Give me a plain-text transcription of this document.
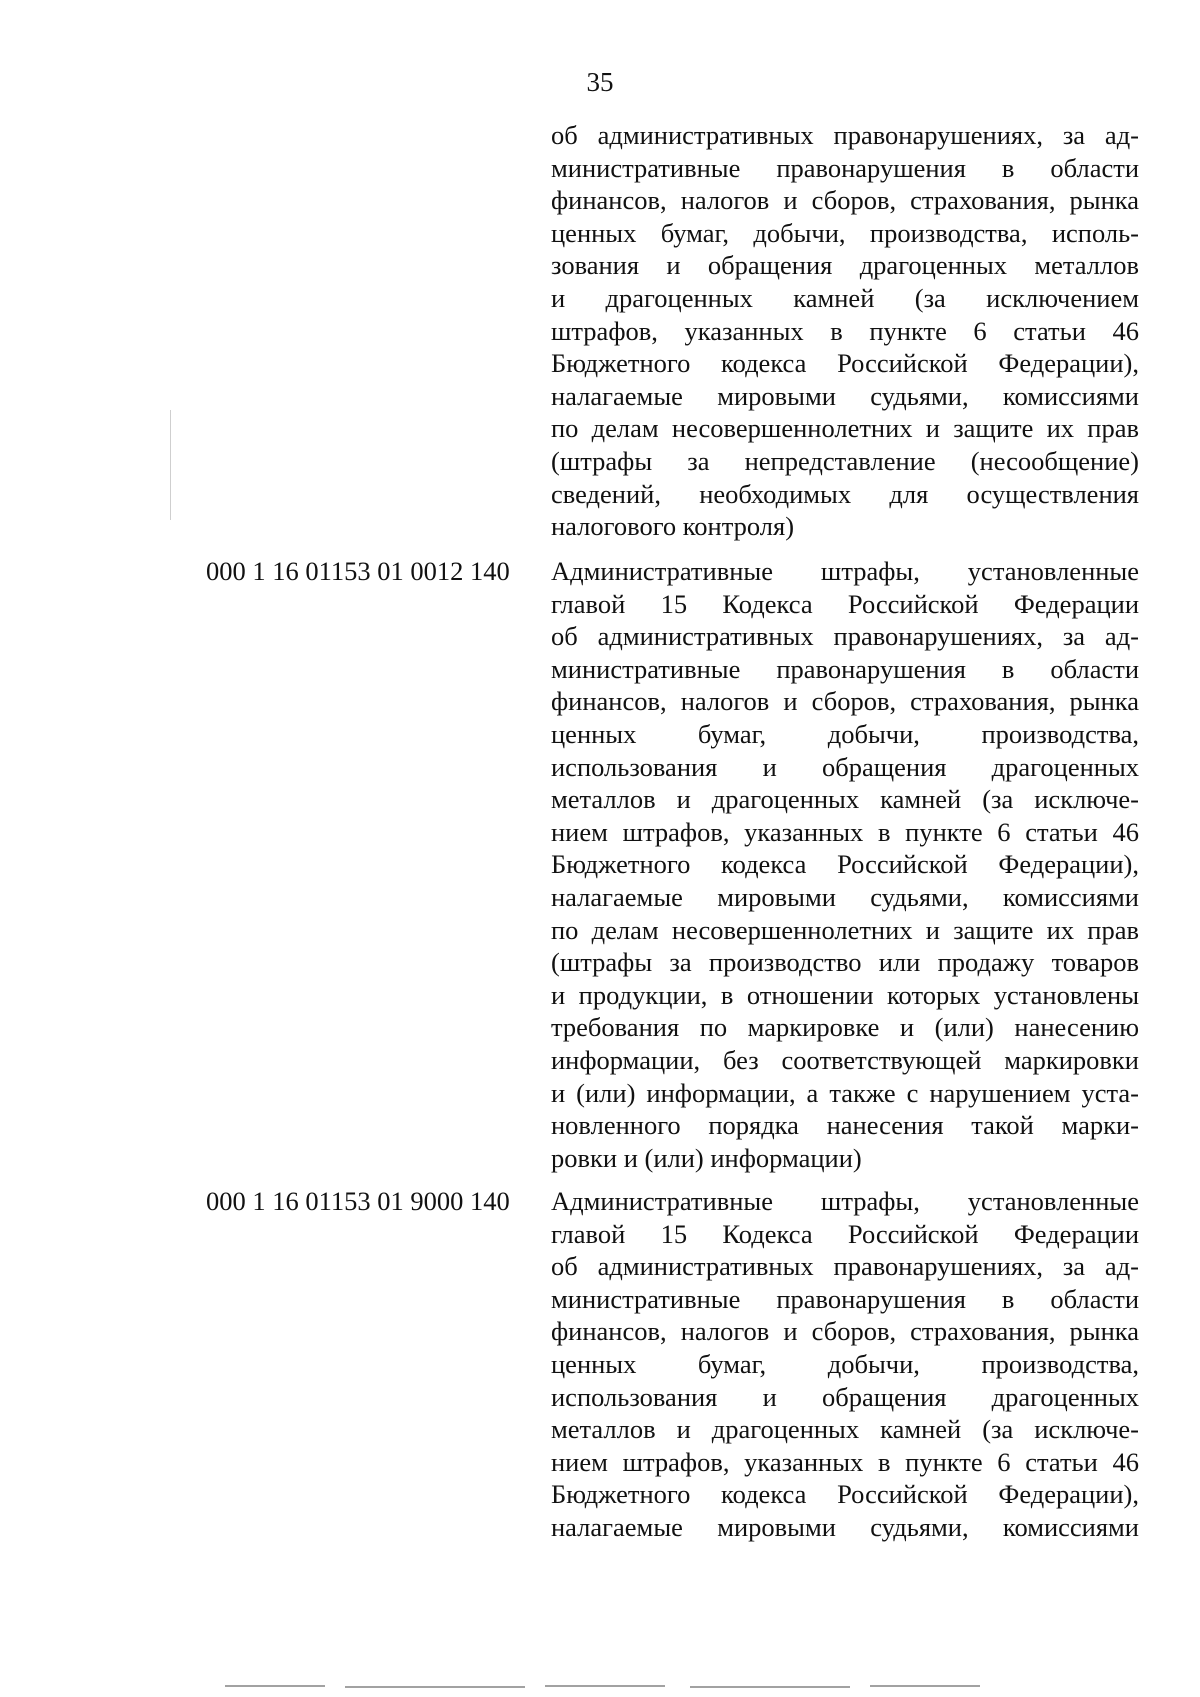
35
об административных правонарушениях, за ад-
министративные правонарушения в области
финансов, налогов и сборов, страхования, рынка
ценных бумаг, добычи, производства, исполь-
зования и обращения драгоценных металлов
и драгоценных камней (за исключением
штрафов, указанных в пункте 6 статьи 46
Бюджетного кодекса Российской Федерации),
налагаемые мировыми судьями, комиссиями
по делам несовершеннолетних и защите их прав
(штрафы за непредставление (несообщение)
сведений, необходимых для осуществления
налогового контроля)
000 1 16 01153 01 0012 140	Административные штрафы, установленные
главой 15 Кодекса Российской Федерации
об административных правонарушениях, за ад-
министративные правонарушения в области
финансов, налогов и сборов, страхования, рынка
ценных бумаг, добычи, производства,
использования и обращения драгоценных
металлов и драгоценных камней (за исключе-
нием штрафов, указанных в пункте 6 статьи 46
Бюджетного кодекса Российской Федерации),
налагаемые мировыми судьями, комиссиями
по делам несовершеннолетних и защите их прав
(штрафы за производство или продажу товаров
и продукции, в отношении которых установлены
требования по маркировке и (или) нанесению
информации, без соответствующей маркировки
и (или) информации, а также с нарушением уста-
новленного порядка нанесения такой марки-
ровки и (или) информации)
000 1 16 01153 01 9000 140	Административные штрафы, установленные
главой 15 Кодекса Российской Федерации
об административных правонарушениях, за ад-
министративные правонарушения в области
финансов, налогов и сборов, страхования, рынка
ценных бумаг, добычи, производства,
использования и обращения драгоценных
металлов и драгоценных камней (за исключе-
нием штрафов, указанных в пункте 6 статьи 46
Бюджетного кодекса Российской Федерации),
налагаемые мировыми судьями, комиссиями
